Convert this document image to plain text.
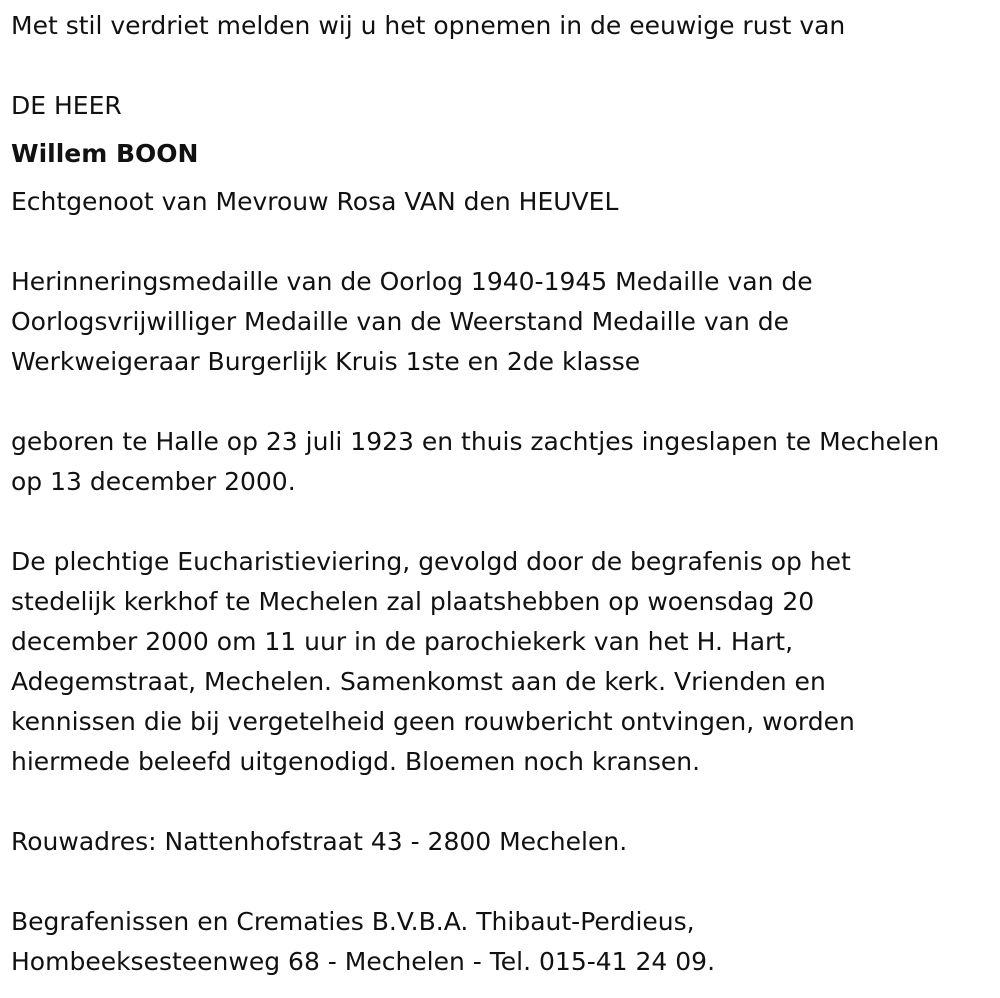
Met stil verdriet melden wij u het opnemen in de eeuwige rust van
DE HEER
Willem BOON
Echtgenoot van Mevrouw Rosa VAN den HEUVEL
Herinneringsmedaille van de Oorlog 1940-1945 Medaille van de
Oorlogsvrijwilliger Medaille van de Weerstand Medaille van de
Werkweigeraar Burgerlijk Kruis 1ste en 2de klasse
geboren te Halle op 23 juli 1923 en thuis zachtjes ingeslapen te Mechelen
op 13 december 2000.
De plechtige Eucharistieviering, gevolgd door de begrafenis op het
stedelijk kerkhof te Mechelen zal plaatshebben op woensdag 20
december 2000 om 11 uur in de parochiekerk van het H. Hart,
Adegemstraat, Mechelen. Samenkomst aan de kerk. Vrienden en
kennissen die bij vergetelheid geen rouwbericht ontvingen, worden
hiermede beleefd uitgenodigd. Bloemen noch kransen.
Rouwadres: Nattenhofstraat 43 - 2800 Mechelen.
Begrafenissen en Crematies B.V.B.A. Thibaut-Perdieus,
Hombeeksesteenweg 68 - Mechelen - Tel. 015-41 24 09.
